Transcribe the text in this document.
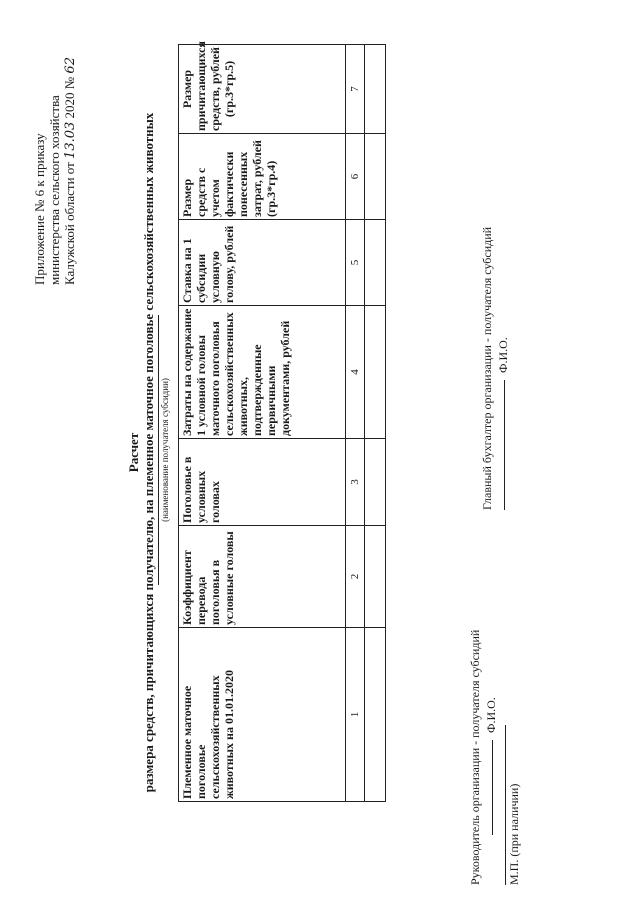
Приложение № 6 к приказу министерства сельского хозяйства Калужской области от 13.03 2020 № 62
Расчет размера средств, причитающихся получателю, на племенное маточное поголовье сельскохозяйственных животных (наименование получателя субсидии)
Племенное маточное поголовье сельскохозяйственных животных на 01.01.2020	Коэффициент перевода поголовья в условные головы	Поголовье в условных головах	Затраты на содержание 1 условной головы маточного поголовья сельскохозяйственных животных, подтвержденные первичными документами, рублей	Ставка на 1 субсидии условную голову, рублей	Размер средств с учетом фактически понесенных затрат, рублей (гр.3*гр.4)	Размер причитающихся средств, рублей (гр.3*гр.5)
1	2	3	4	5	6	7

Руководитель организации - получателя субсидий Ф.И.О.
Главный бухгалтер организации - получателя субсидий Ф.И.О.
М.П. (при наличии)
